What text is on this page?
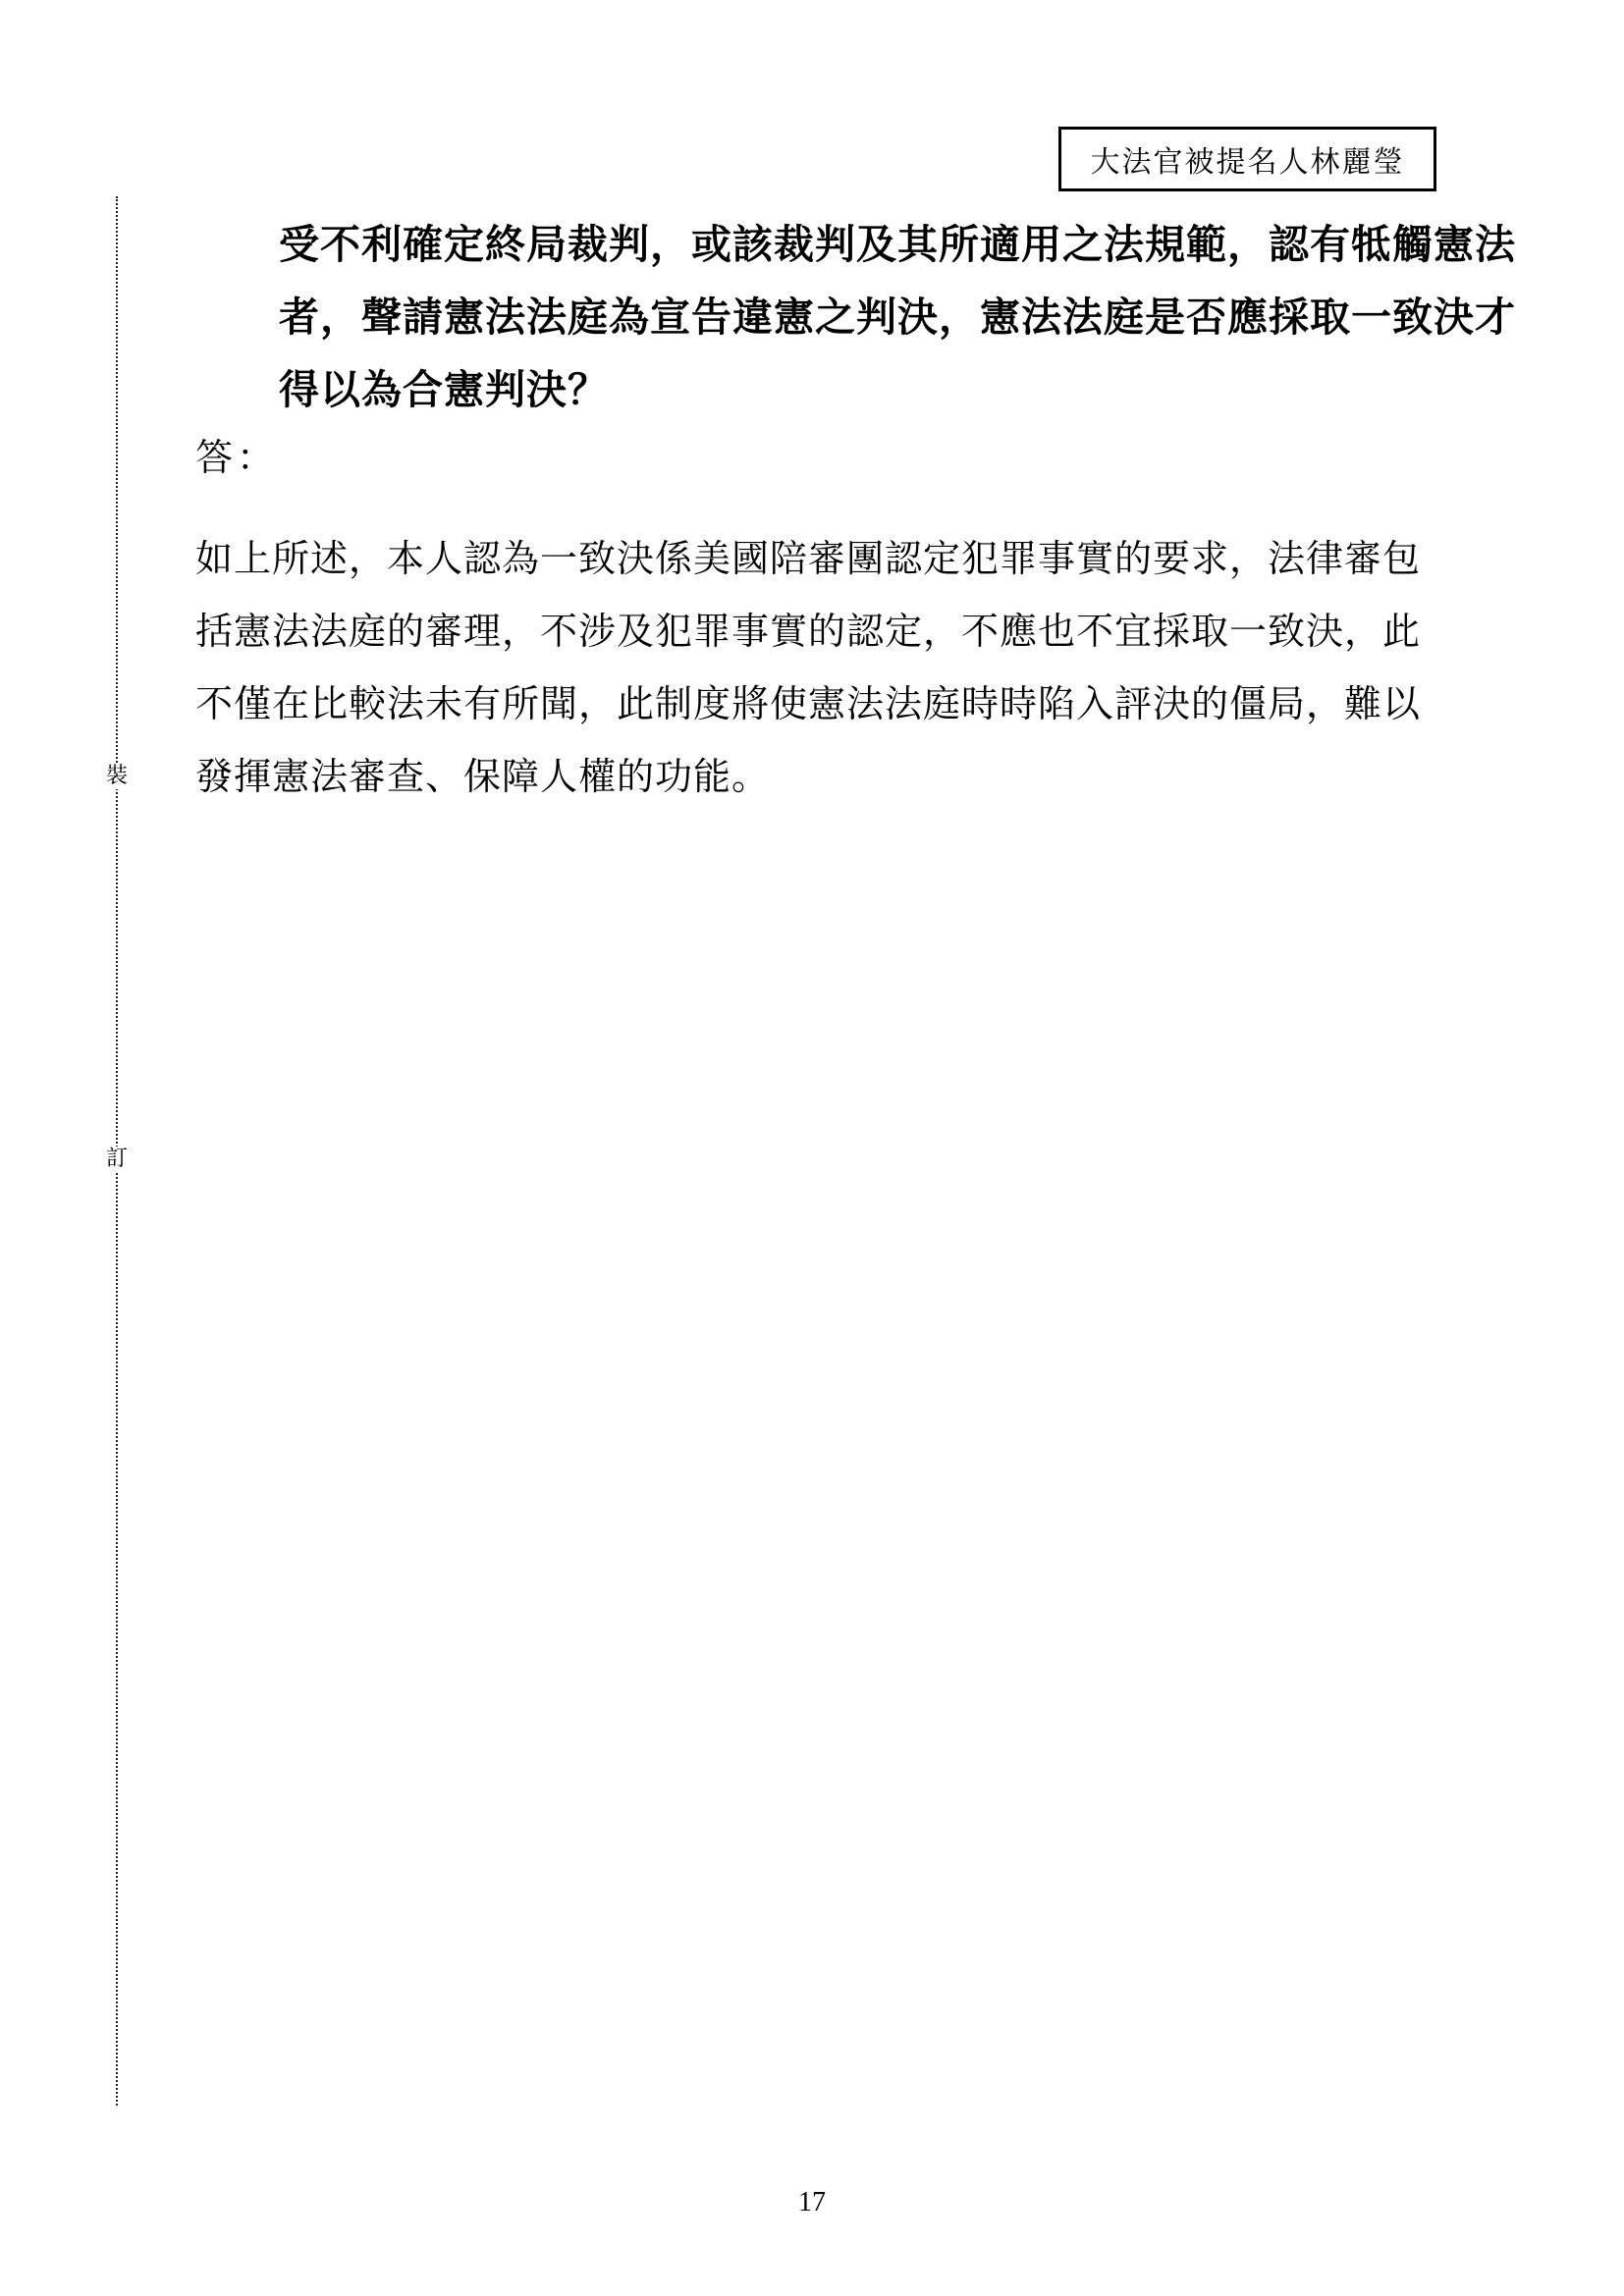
大法官被提名人林麗瑩
裝
訂
受不利確定終局裁判，或該裁判及其所適用之法規範，認有牴觸憲法
者，聲請憲法法庭為宣告違憲之判決，憲法法庭是否應採取一致決才
得以為合憲判決？
答：
如上所述，本人認為一致決係美國陪審團認定犯罪事實的要求，法律審包
括憲法法庭的審理，不涉及犯罪事實的認定，不應也不宜採取一致決，此
不僅在比較法未有所聞，此制度將使憲法法庭時時陷入評決的僵局，難以
發揮憲法審查、保障人權的功能。
17
